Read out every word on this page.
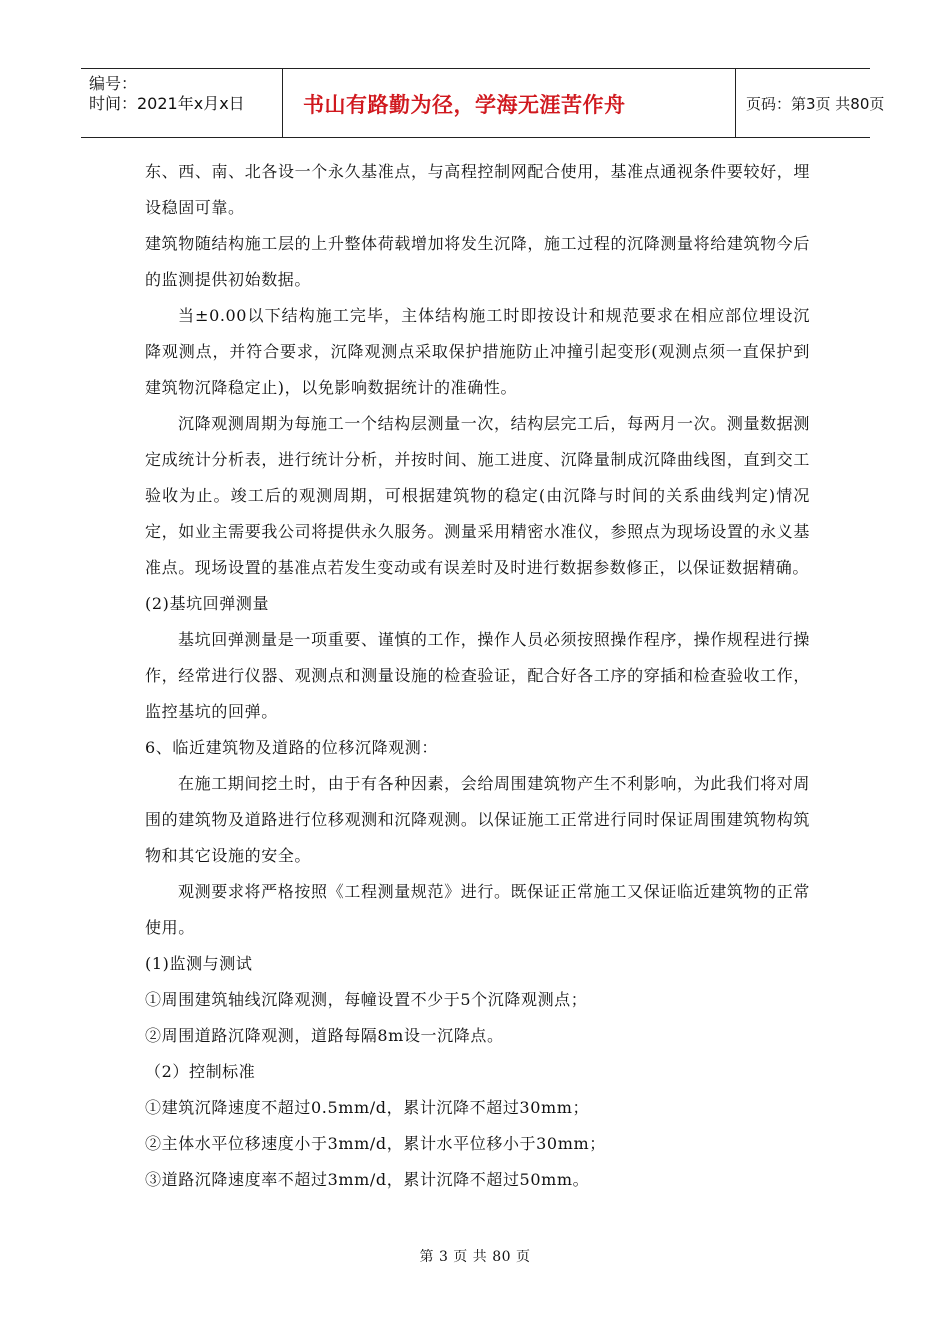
编号：
时间：2021年x月x日	书山有路勤为径，学海无涯苦作舟	页码：第3页 共80页

东、西、南、北各设一个永久基准点，与高程控制网配合使用，基准点通视条件要较好，埋设稳固可靠。

建筑物随结构施工层的上升整体荷载增加将发生沉降，施工过程的沉降测量将给建筑物今后的监测提供初始数据。

当±0.00以下结构施工完毕，主体结构施工时即按设计和规范要求在相应部位埋设沉降观测点，并符合要求，沉降观测点采取保护措施防止冲撞引起变形(观测点须一直保护到建筑物沉降稳定止)，以免影响数据统计的准确性。

沉降观测周期为每施工一个结构层测量一次，结构层完工后，每两月一次。测量数据测定成统计分析表，进行统计分析，并按时间、施工进度、沉降量制成沉降曲线图，直到交工验收为止。竣工后的观测周期，可根据建筑物的稳定(由沉降与时间的关系曲线判定)情况定，如业主需要我公司将提供永久服务。测量采用精密水准仪，参照点为现场设置的永义基准点。现场设置的基准点若发生变动或有误差时及时进行数据参数修正，以保证数据精确。

(2)基坑回弹测量

基坑回弹测量是一项重要、谨慎的工作，操作人员必须按照操作程序，操作规程进行操作，经常进行仪器、观测点和测量设施的检查验证，配合好各工序的穿插和检查验收工作，监控基坑的回弹。

6、临近建筑物及道路的位移沉降观测：

在施工期间挖土时，由于有各种因素，会给周围建筑物产生不利影响，为此我们将对周围的建筑物及道路进行位移观测和沉降观测。以保证施工正常进行同时保证周围建筑物构筑物和其它设施的安全。

观测要求将严格按照《工程测量规范》进行。既保证正常施工又保证临近建筑物的正常使用。

(1)监测与测试

①周围建筑轴线沉降观测，每幢设置不少于5个沉降观测点；

②周围道路沉降观测，道路每隔8m设一沉降点。

（2）控制标准

①建筑沉降速度不超过0.5mm/d，累计沉降不超过30mm；

②主体水平位移速度小于3mm/d，累计水平位移小于30mm；

③道路沉降速度率不超过3mm/d，累计沉降不超过50mm。

第 3 页 共 80 页
